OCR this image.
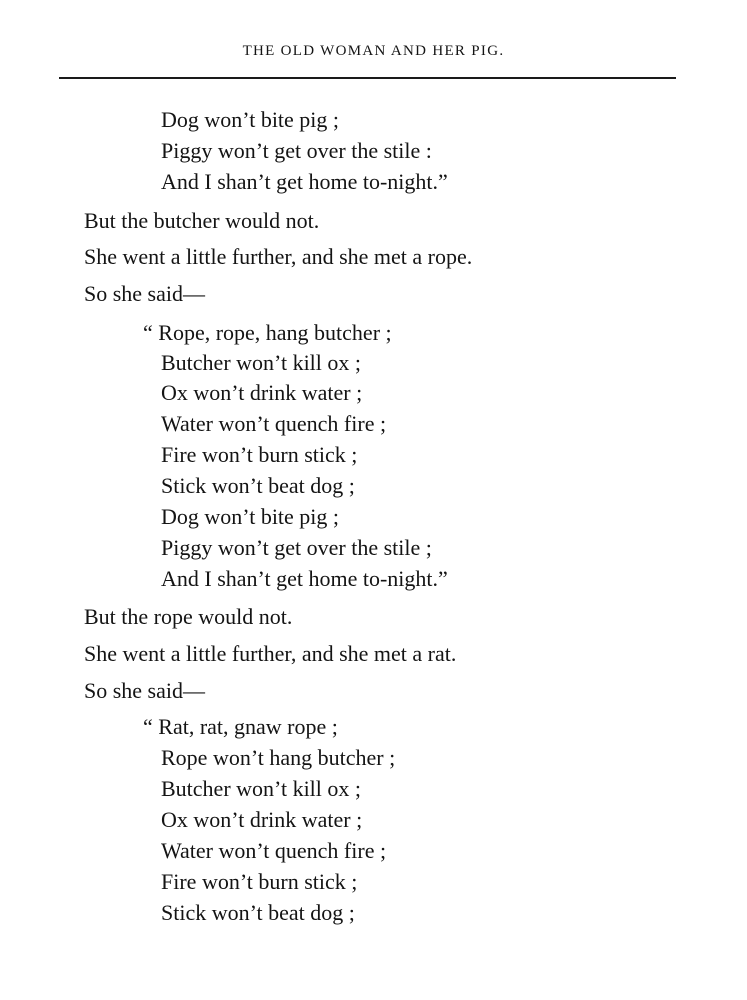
THE OLD WOMAN AND HER PIG.
Dog won’t bite pig ;
Piggy won’t get over the stile :
And I shan’t get home to-night.”
But the butcher would not.
She went a little further, and she met a rope.
So she said—
“ Rope, rope, hang butcher ;
Butcher won’t kill ox ;
Ox won’t drink water ;
Water won’t quench fire ;
Fire won’t burn stick ;
Stick won’t beat dog ;
Dog won’t bite pig ;
Piggy won’t get over the stile ;
And I shan’t get home to-night.”
But the rope would not.
She went a little further, and she met a rat.
So she said—
“ Rat, rat, gnaw rope ;
Rope won’t hang butcher ;
Butcher won’t kill ox ;
Ox won’t drink water ;
Water won’t quench fire ;
Fire won’t burn stick ;
Stick won’t beat dog ;
